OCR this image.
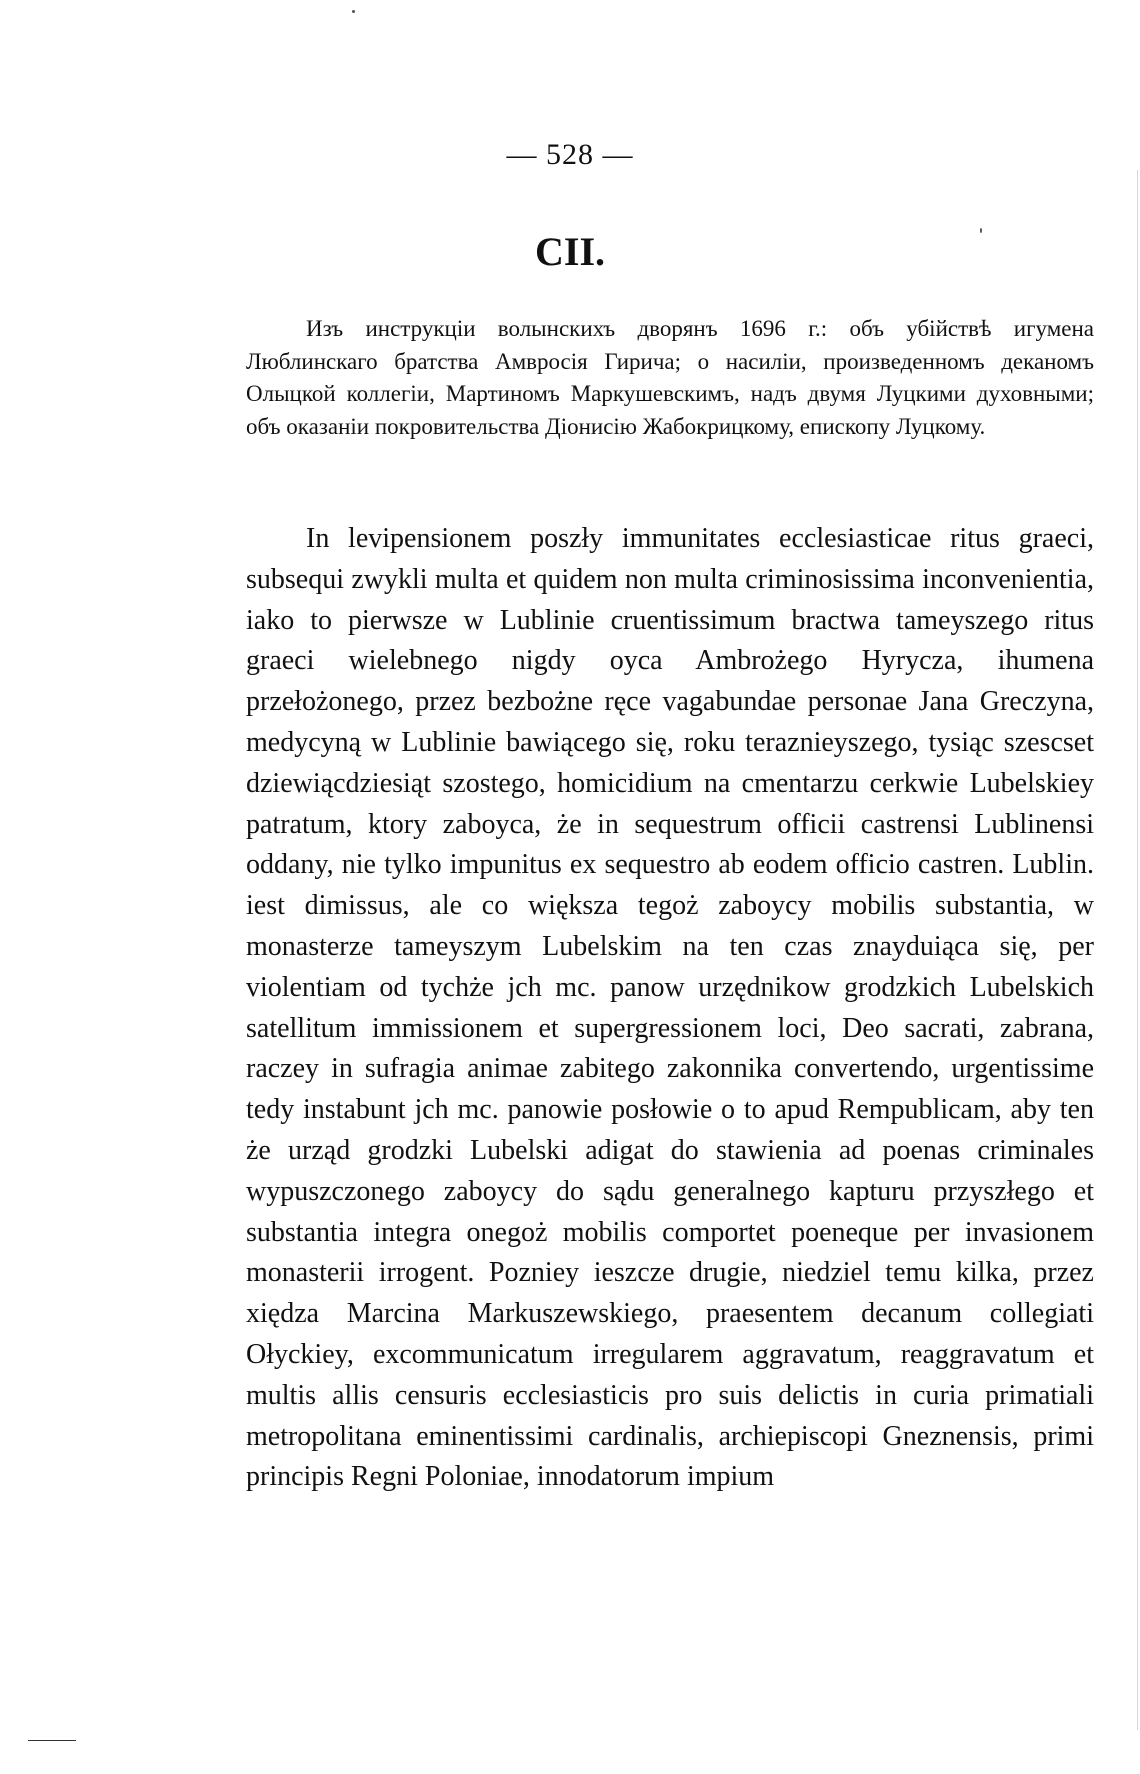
— 528 —
CII.

Изъ инструкціи волынскихъ дворянъ 1696 г.: объ убійствѣ игумена Люблинскаго братства Амвросія Гирича; о насиліи, произведенномъ деканомъ Олыцкой коллегіи, Мартиномъ Маркушевскимъ, надъ двумя Луцкими духовными; объ оказаніи покровительства Діонисію Жабокрицкому, епископу Луцкому.

In levipensionem poszły immunitates ecclesiasticae ritus graeci, subsequi zwykli multa et quidem non multa criminosissima inconvenientia, iako to pierwsze w Lublinie cruentissimum bractwa tameyszego ritus graeci wielebnego nigdy oyca Ambrożego Hyrycza, ihumena przełożonego, przez bezbożne ręce vagabundae personae Jana Greczyna, medycyną w Lublinie bawiącego się, roku teraznieyszego, tysiąc szescset dziewiącdziesiąt szostego, homicidium na cmentarzu cerkwie Lubelskiey patratum, ktory zaboyca, że in sequestrum officii castrensi Lublinensi oddany, nie tylko impunitus ex sequestro ab eodem officio castren. Lublin. iest dimissus, ale co większa tegoż zaboycy mobilis substantia, w monasterze tameyszym Lubelskim na ten czas znayduiąca się, per violentiam od tychże jch mc. panow urzędnikow grodzkich Lubelskich satellitum immissionem et supergressionem loci, Deo sacrati, zabrana, raczey in sufragia animae zabitego zakonnika convertendo, urgentissime tedy instabunt jch mc. panowie posłowie o to apud Rempublicam, aby ten że urząd grodzki Lubelski adigat do stawienia ad poenas criminales wypuszczonego zaboycy do sądu generalnego kapturu przyszłego et substantia integra onegoż mobilis comportet poeneque per invasionem monasterii irrogent. Pozniey ieszcze drugie, niedziel temu kilka, przez xiędza Marcina Markuszewskiego, praesentem decanum collegiati Ołyckiey, excommunicatum irregularem aggravatum, reaggravatum et multis allis censuris ecclesiasticis pro suis delictis in curia primatiali metropolitana eminentissimi cardinalis, archiepiscopi Gneznensis, primi principis Regni Poloniae, innodatorum impium
